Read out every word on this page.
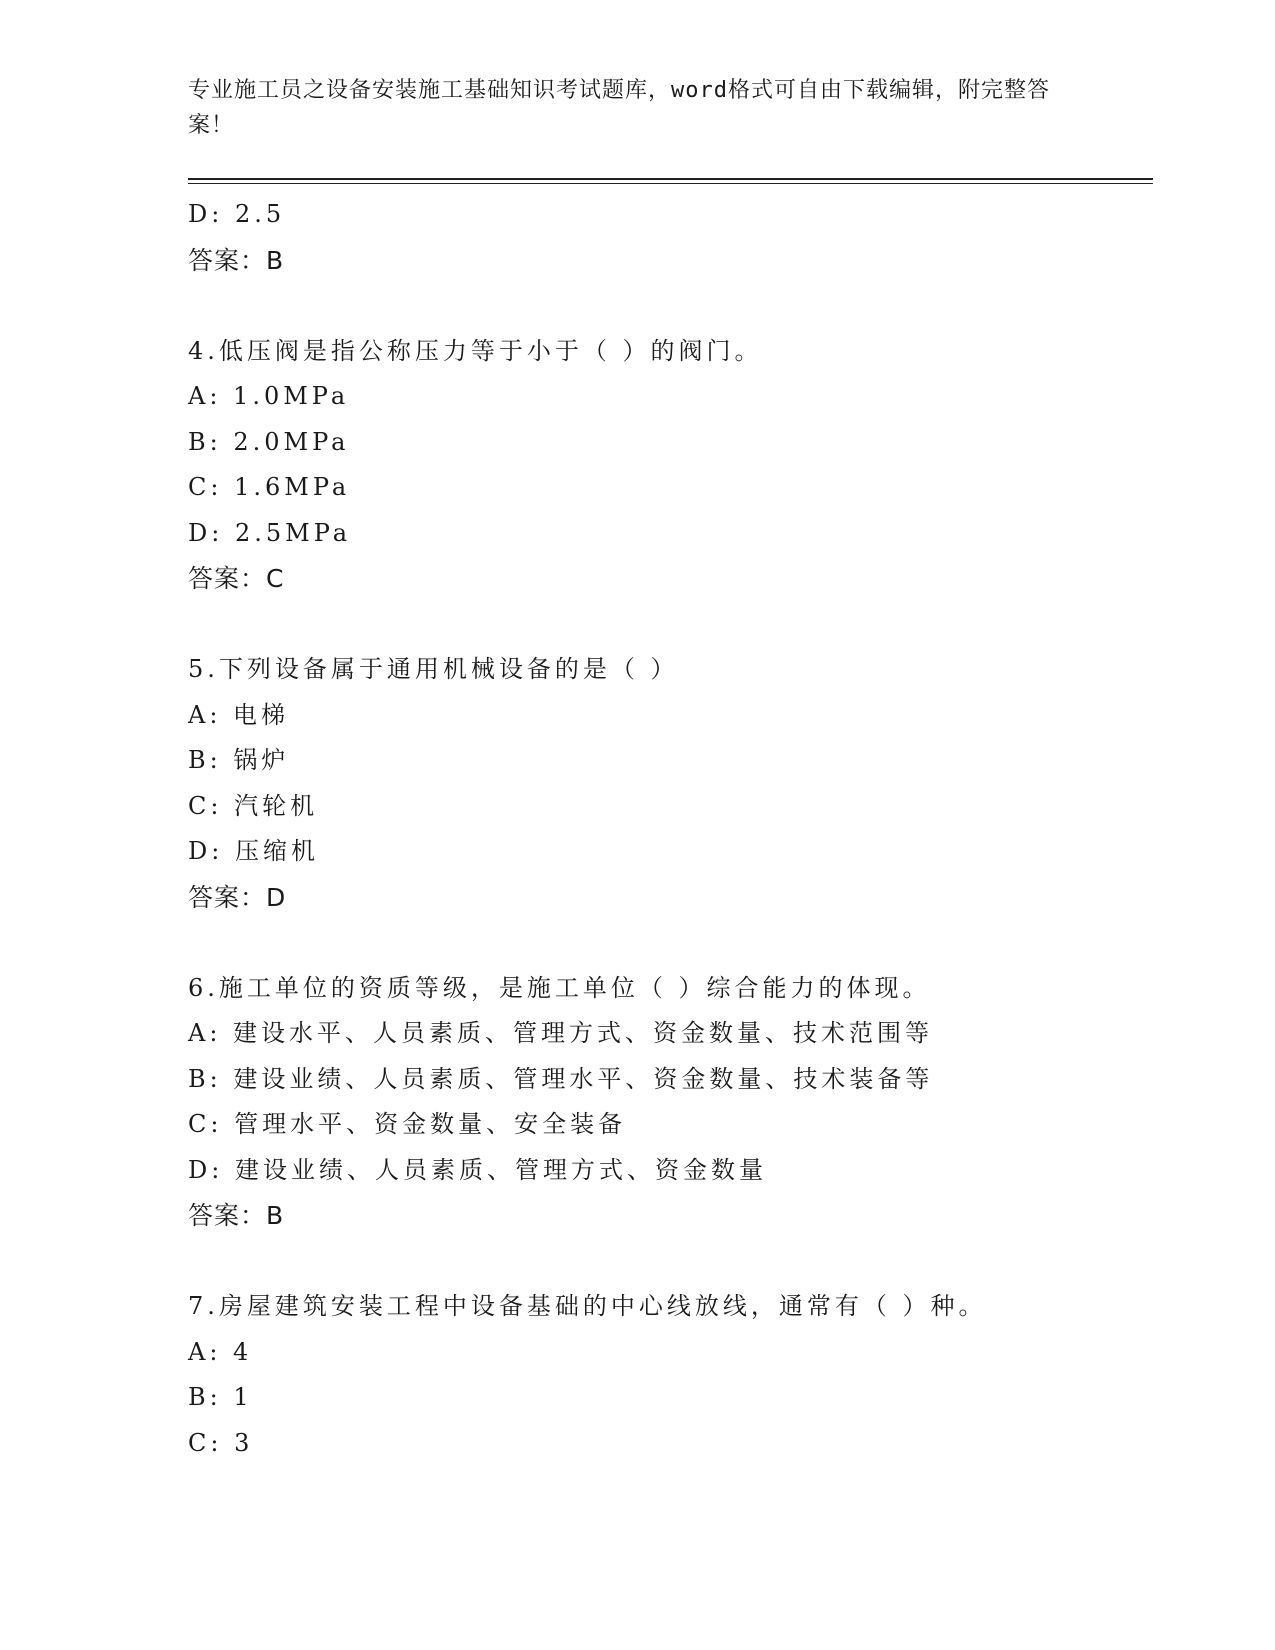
专业施工员之设备安装施工基础知识考试题库，word格式可自由下载编辑，附完整答案！
D: 2.5
答案：B
4.低压阀是指公称压力等于小于（ ）的阀门。
A: 1.0MPa
B: 2.0MPa
C: 1.6MPa
D: 2.5MPa
答案：C
5.下列设备属于通用机械设备的是（ ）
A: 电梯
B: 锅炉
C: 汽轮机
D: 压缩机
答案：D
6.施工单位的资质等级，是施工单位（ ）综合能力的体现。
A: 建设水平、人员素质、管理方式、资金数量、技术范围等
B: 建设业绩、人员素质、管理水平、资金数量、技术装备等
C: 管理水平、资金数量、安全装备
D: 建设业绩、人员素质、管理方式、资金数量
答案：B
7.房屋建筑安装工程中设备基础的中心线放线，通常有（ ）种。
A: 4
B: 1
C: 3
